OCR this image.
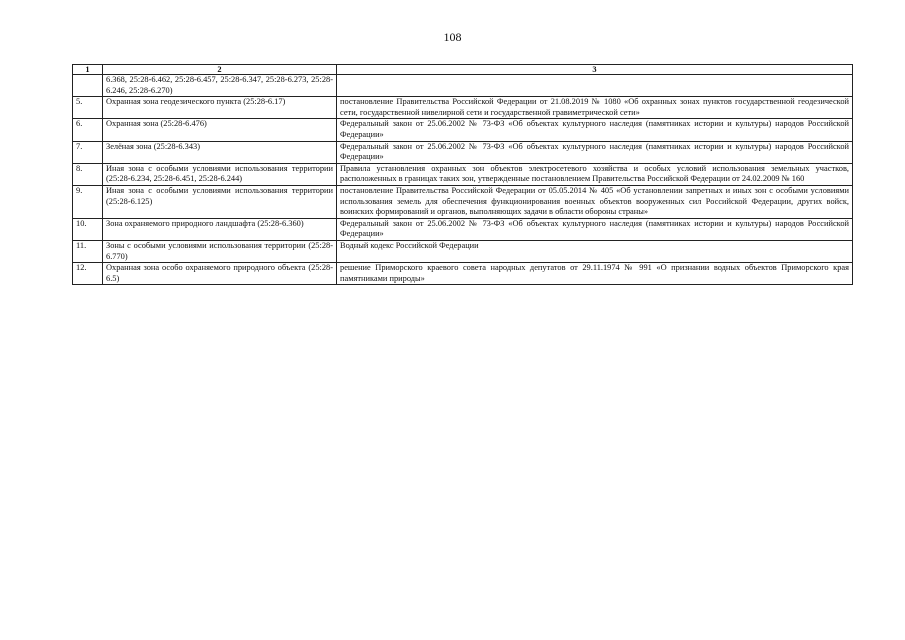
108
1	2	3
	6.368, 25:28-6.462, 25:28-6.457, 25:28-6.347, 25:28-6.273, 25:28-6.246, 25:28-6.270)	
5.	Охранная зона геодезического пункта (25:28-6.17)	постановление Правительства Российской Федерации от 21.08.2019 № 1080 «Об охранных зонах пунктов государственной геодезической сети, государственной нивелирной сети и государственной гравиметрической сети»
6.	Охранная зона (25:28-6.476)	Федеральный закон от 25.06.2002 № 73-ФЗ «Об объектах культурного наследия (памятниках истории и культуры) народов Российской Федерации»
7.	Зелёная зона (25:28-6.343)	Федеральный закон от 25.06.2002 № 73-ФЗ «Об объектах культурного наследия (памятниках истории и культуры) народов Российской Федерации»
8.	Иная зона с особыми условиями использования территории (25:28-6.234, 25:28-6.451, 25:28-6.244)	Правила установления охранных зон объектов электросетевого хозяйства и особых условий использования земельных участков, расположенных в границах таких зон, утвержденные постановлением Правительства Российской Федерации от 24.02.2009 № 160
9.	Иная зона с особыми условиями использования территории (25:28-6.125)	постановление Правительства Российской Федерации от 05.05.2014 № 405 «Об установлении запретных и иных зон с особыми условиями использования земель для обеспечения функционирования военных объектов вооруженных сил Российской Федерации, других войск, воинских формирований и органов, выполняющих задачи в области обороны страны»
10.	Зона охраняемого природного ландшафта (25:28-6.360)	Федеральный закон от 25.06.2002 № 73-ФЗ «Об объектах культурного наследия (памятниках истории и культуры) народов Российской Федерации»
11.	Зоны с особыми условиями использования территории (25:28-6.770)	Водный кодекс Российской Федерации
12.	Охранная зона особо охраняемого природного объекта (25:28-6.5)	решение Приморского краевого совета народных депутатов от 29.11.1974 № 991 «О признании водных объектов Приморского края памятниками природы»
